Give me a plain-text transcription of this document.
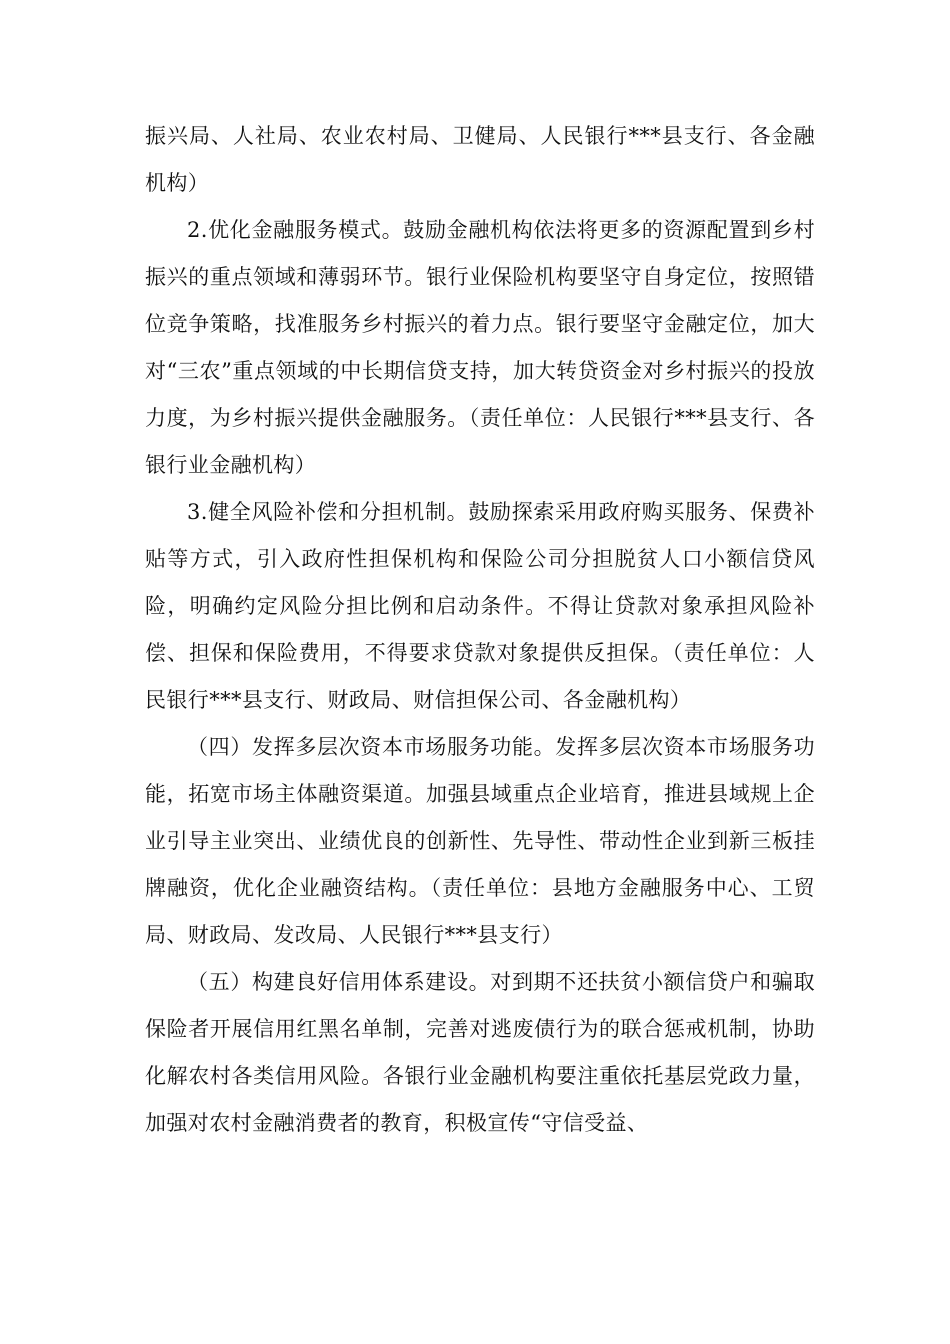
振兴局、人社局、农业农村局、卫健局、人民银行***县支行、各金融机构）

2.优化金融服务模式。鼓励金融机构依法将更多的资源配置到乡村振兴的重点领域和薄弱环节。银行业保险机构要坚守自身定位，按照错位竞争策略，找准服务乡村振兴的着力点。银行要坚守金融定位，加大对“三农”重点领域的中长期信贷支持，加大转贷资金对乡村振兴的投放力度，为乡村振兴提供金融服务。（责任单位：人民银行***县支行、各银行业金融机构）

3.健全风险补偿和分担机制。鼓励探索采用政府购买服务、保费补贴等方式，引入政府性担保机构和保险公司分担脱贫人口小额信贷风险，明确约定风险分担比例和启动条件。不得让贷款对象承担风险补偿、担保和保险费用，不得要求贷款对象提供反担保。（责任单位：人民银行***县支行、财政局、财信担保公司、各金融机构）

（四）发挥多层次资本市场服务功能。发挥多层次资本市场服务功能，拓宽市场主体融资渠道。加强县域重点企业培育，推进县域规上企业引导主业突出、业绩优良的创新性、先导性、带动性企业到新三板挂牌融资，优化企业融资结构。（责任单位：县地方金融服务中心、工贸局、财政局、发改局、人民银行***县支行）

（五）构建良好信用体系建设。对到期不还扶贫小额信贷户和骗取保险者开展信用红黑名单制，完善对逃废债行为的联合惩戒机制，协助化解农村各类信用风险。各银行业金融机构要注重依托基层党政力量，加强对农村金融消费者的教育，积极宣传“守信受益、
